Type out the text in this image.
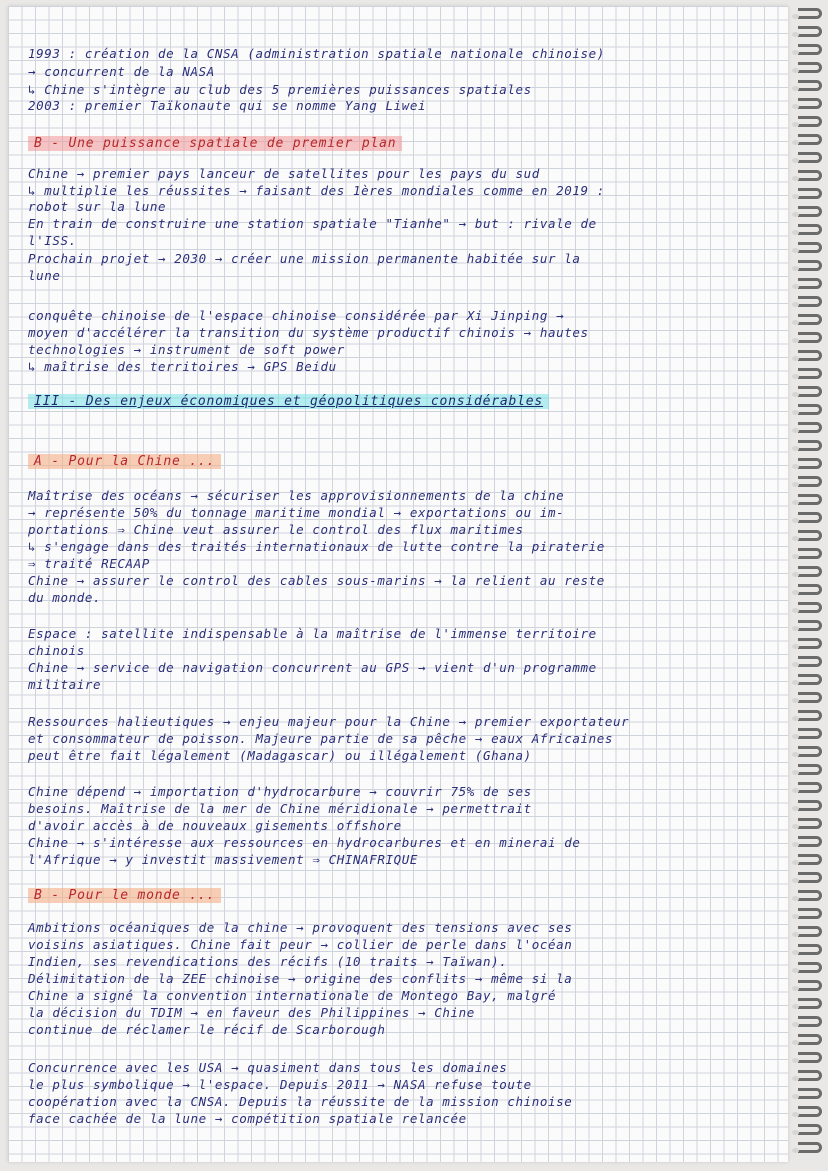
1993 : création de la CNSA (administration spatiale nationale chinoise)
→ concurrent de la NASA
↳ Chine s'intègre au club des 5 premières puissances spatiales
2003 : premier Taïkonaute qui se nomme Yang Liwei
B - Une puissance spatiale de premier plan
Chine → premier pays lanceur de satellites pour les pays du sud
↳ multiplie les réussites → faisant des 1ères mondiales comme en 2019 :
robot sur la lune
En train de construire une station spatiale "Tianhe" → but : rivale de
l'ISS.
Prochain projet → 2030 → créer une mission permanente habitée sur la
lune
conquête chinoise de l'espace chinoise considérée par Xi Jinping →
moyen d'accélérer la transition du système productif chinois → hautes
technologies → instrument de soft power
↳ maîtrise des territoires → GPS Beidu
III - Des enjeux économiques et géopolitiques considérables
A - Pour la Chine ...
Maîtrise des océans → sécuriser les approvisionnements de la chine
→ représente 50% du tonnage maritime mondial → exportations ou im-
portations ⇒ Chine veut assurer le control des flux maritimes
↳ s'engage dans des traités internationaux de lutte contre la piraterie
⇒ traité RECAAP
Chine → assurer le control des cables sous-marins → la relient au reste
du monde.
Espace : satellite indispensable à la maîtrise de l'immense territoire
chinois
Chine → service de navigation concurrent au GPS → vient d'un programme
militaire
Ressources halieutiques → enjeu majeur pour la Chine → premier exportateur
et consommateur de poisson. Majeure partie de sa pêche → eaux Africaines
peut être fait légalement (Madagascar) ou illégalement (Ghana)
Chine dépend → importation d'hydrocarbure → couvrir 75% de ses
besoins. Maîtrise de la mer de Chine méridionale → permettrait
d'avoir accès à de nouveaux gisements offshore
Chine → s'intéresse aux ressources en hydrocarbures et en minerai de
l'Afrique → y investit massivement ⇒ CHINAFRIQUE
B - Pour le monde ...
Ambitions océaniques de la chine → provoquent des tensions avec ses
voisins asiatiques. Chine fait peur → collier de perle dans l'océan
Indien, ses revendications des récifs (10 traits → Taïwan).
Délimitation de la ZEE chinoise → origine des conflits → même si la
Chine a signé la convention internationale de Montego Bay, malgré
la décision du TDIM → en faveur des Philippines → Chine
continue de réclamer le récif de Scarborough
Concurrence avec les USA → quasiment dans tous les domaines
le plus symbolique → l'espace. Depuis 2011 → NASA refuse toute
coopération avec la CNSA. Depuis la réussite de la mission chinoise
face cachée de la lune → compétition spatiale relancée
